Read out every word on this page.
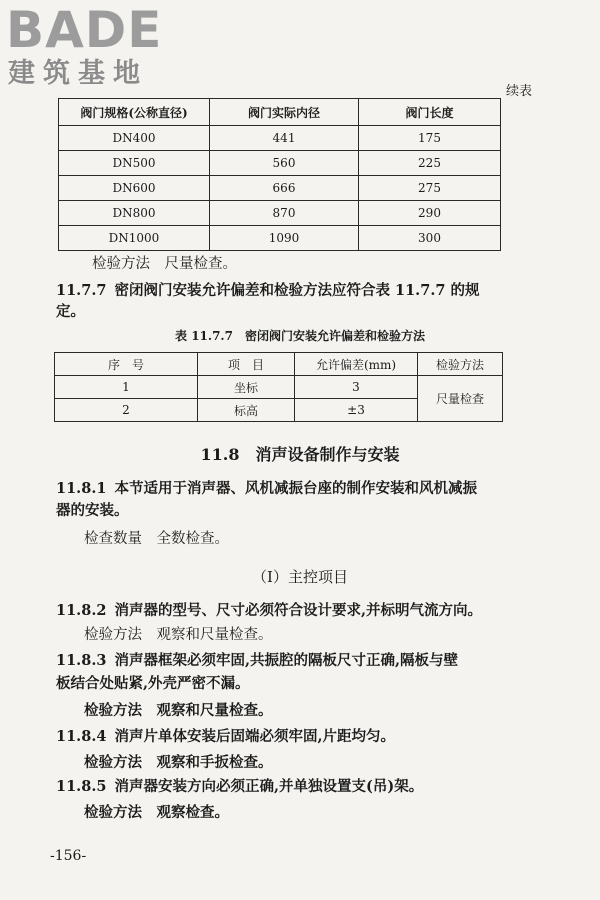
BADE
建筑基地
续表
阀门规格(公称直径)	阀门实际内径	阀门长度
DN400	441	175
DN500	560	225
DN600	666	275
DN800	870	290
DN1000	1090	300
检验方法　尺量检查。
11.7.7 密闭阀门安装允许偏差和检验方法应符合表 11.7.7 的规
定。
表 11.7.7　密闭阀门安装允许偏差和检验方法
序　号	项　目	允许偏差(mm)	检验方法
1	坐标	3	尺量检查
2	标高	±3	
11.8　消声设备制作与安装
11.8.1 本节适用于消声器、风机减振台座的制作安装和风机减振
器的安装。
检查数量　全数检查。
（Ⅰ）主控项目
11.8.2 消声器的型号、尺寸必须符合设计要求,并标明气流方向。
检验方法　观察和尺量检查。
11.8.3 消声器框架必须牢固,共振腔的隔板尺寸正确,隔板与壁
板结合处贴紧,外壳严密不漏。
检验方法　观察和尺量检查。
11.8.4 消声片单体安装后固端必须牢固,片距均匀。
检验方法　观察和手扳检查。
11.8.5 消声器安装方向必须正确,并单独设置支(吊)架。
检验方法　观察检查。
-156-
